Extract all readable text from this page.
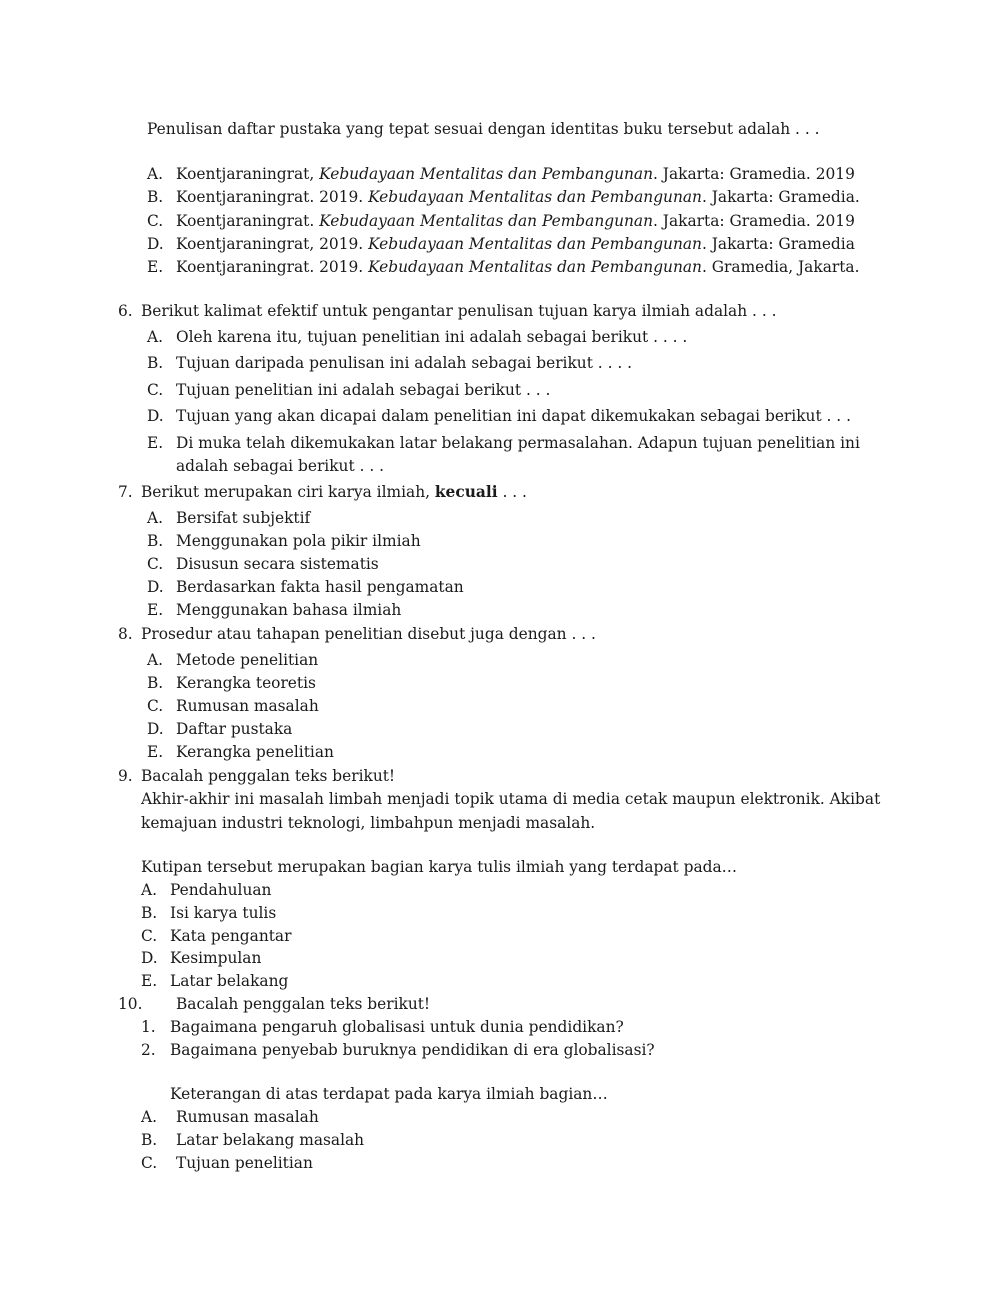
Penulisan daftar pustaka yang tepat sesuai dengan identitas buku tersebut adalah . . .
A. Koentjaraningrat, Kebudayaan Mentalitas dan Pembangunan. Jakarta: Gramedia. 2019
B. Koentjaraningrat. 2019. Kebudayaan Mentalitas dan Pembangunan. Jakarta: Gramedia.
C. Koentjaraningrat. Kebudayaan Mentalitas dan Pembangunan. Jakarta: Gramedia. 2019
D. Koentjaraningrat, 2019. Kebudayaan Mentalitas dan Pembangunan. Jakarta: Gramedia
E. Koentjaraningrat. 2019. Kebudayaan Mentalitas dan Pembangunan. Gramedia, Jakarta.
6. Berikut kalimat efektif untuk pengantar penulisan tujuan karya ilmiah adalah . . .
A. Oleh karena itu, tujuan penelitian ini adalah sebagai berikut . . . .
B. Tujuan daripada penulisan ini adalah sebagai berikut . . . .
C. Tujuan penelitian ini adalah sebagai berikut . . .
D. Tujuan yang akan dicapai dalam penelitian ini dapat dikemukakan sebagai berikut . . .
E. Di muka telah dikemukakan latar belakang permasalahan. Adapun tujuan penelitian ini
adalah sebagai berikut . . .
7. Berikut merupakan ciri karya ilmiah, kecuali . . .
A. Bersifat subjektif
B. Menggunakan pola pikir ilmiah
C. Disusun secara sistematis
D. Berdasarkan fakta hasil pengamatan
E. Menggunakan bahasa ilmiah
8. Prosedur atau tahapan penelitian disebut juga dengan . . .
A. Metode penelitian
B. Kerangka teoretis
C. Rumusan masalah
D. Daftar pustaka
E. Kerangka penelitian
9. Bacalah penggalan teks berikut!
Akhir-akhir ini masalah limbah menjadi topik utama di media cetak maupun elektronik. Akibat
kemajuan industri teknologi, limbahpun menjadi masalah.
Kutipan tersebut merupakan bagian karya tulis ilmiah yang terdapat pada…
A. Pendahuluan
B. Isi karya tulis
C. Kata pengantar
D. Kesimpulan
E. Latar belakang
10. Bacalah penggalan teks berikut!
1. Bagaimana pengaruh globalisasi untuk dunia pendidikan?
2. Bagaimana penyebab buruknya pendidikan di era globalisasi?
Keterangan di atas terdapat pada karya ilmiah bagian…
A. Rumusan masalah
B. Latar belakang masalah
C. Tujuan penelitian
